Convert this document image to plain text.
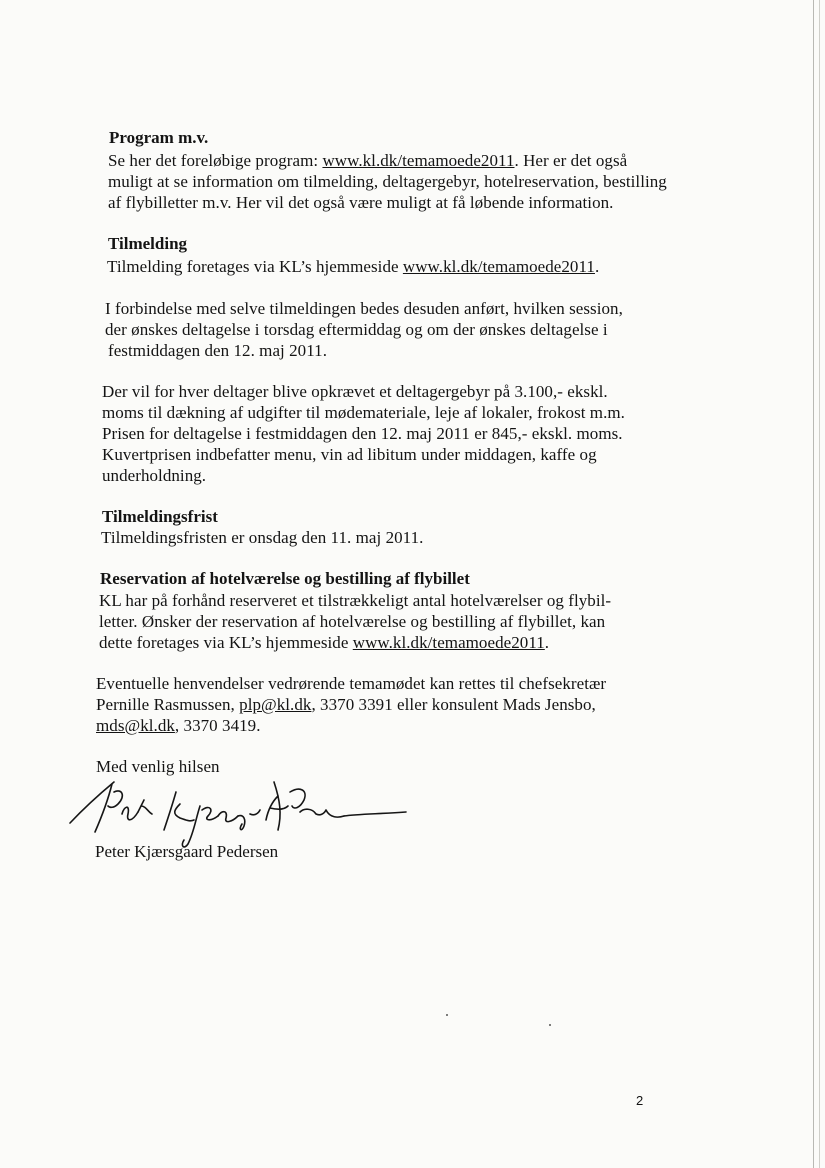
Program m.v.
Se her det foreløbige program: www.kl.dk/temamoede2011. Her er det også
muligt at se information om tilmelding, deltagergebyr, hotelreservation, bestilling
af flybilletter m.v. Her vil det også være muligt at få løbende information.
Tilmelding
Tilmelding foretages via KL’s hjemmeside www.kl.dk/temamoede2011.
I forbindelse med selve tilmeldingen bedes desuden anført, hvilken session,
der ønskes deltagelse i torsdag eftermiddag og om der ønskes deltagelse i
festmiddagen den 12. maj 2011.
Der vil for hver deltager blive opkrævet et deltagergebyr på 3.100,- ekskl.
moms til dækning af udgifter til mødemateriale, leje af lokaler, frokost m.m.
Prisen for deltagelse i festmiddagen den 12. maj 2011 er 845,- ekskl. moms.
Kuvertprisen indbefatter menu, vin ad libitum under middagen, kaffe og
underholdning.
Tilmeldingsfrist
Tilmeldingsfristen er onsdag den 11. maj 2011.
Reservation af hotelværelse og bestilling af flybillet
KL har på forhånd reserveret et tilstrækkeligt antal hotelværelser og flybil-
letter. Ønsker der reservation af hotelværelse og bestilling af flybillet, kan
dette foretages via KL’s hjemmeside www.kl.dk/temamoede2011.
Eventuelle henvendelser vedrørende temamødet kan rettes til chefsekretær
Pernille Rasmussen, plp@kl.dk, 3370 3391 eller konsulent Mads Jensbo,
mds@kl.dk, 3370 3419.
Med venlig hilsen
Peter Kjærsgaard Pedersen
2
